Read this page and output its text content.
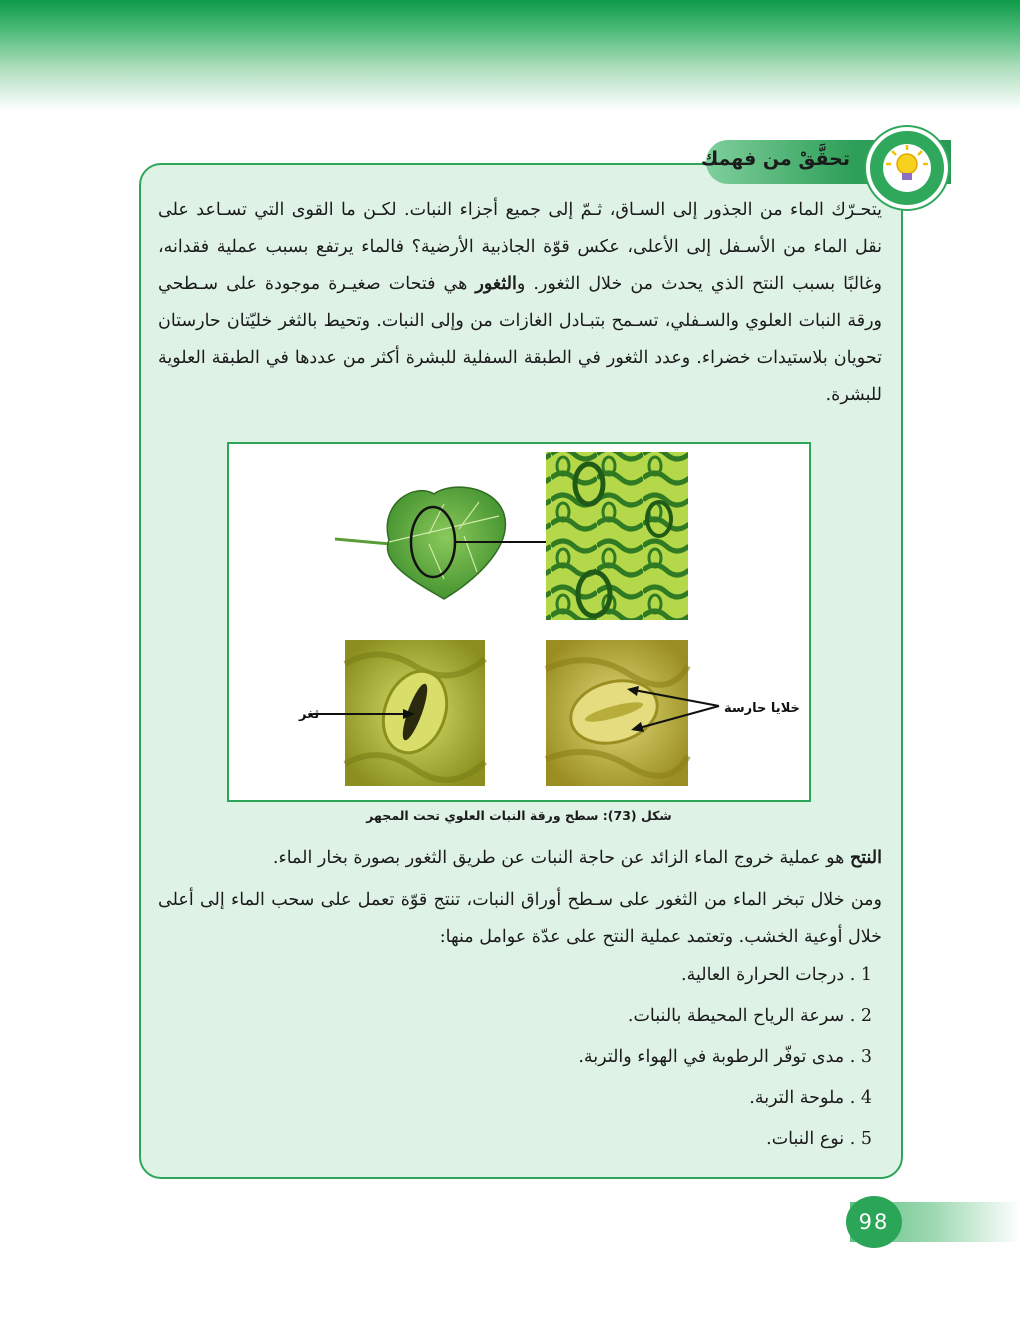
تحقَّقْ من فهمك
يتحـرّك الماء من الجذور إلى السـاق، ثـمّ إلى جميع أجزاء النبات. لكـن ما القوى التي تسـاعد على نقل الماء من الأسـفل إلى الأعلى، عكس قوّة الجاذبية الأرضية؟ فالماء يرتفع بسبب عملية فقدانه، وغالبًا بسبب النتح الذي يحدث من خلال الثغور. والثغور هي فتحات صغيـرة موجودة على سـطحي ورقة النبات العلوي والسـفلي، تسـمح بتبـادل الغازات من وإلى النبات. وتحيط بالثغر خليّتان حارستان تحويان بلاستيدات خضراء. وعدد الثغور في الطبقة السفلية للبشرة أكثر من عددها في الطبقة العلوية للبشرة.
ثغر	خلايا حارسة
شكل (73): سطح ورقة النبات العلوي تحت المجهر
النتح هو عملية خروج الماء الزائد عن حاجة النبات عن طريق الثغور بصورة بخار الماء.
ومن خلال تبخر الماء من الثغور على سـطح أوراق النبات، تنتج قوّة تعمل على سحب الماء إلى أعلى خلال أوعية الخشب. وتعتمد عملية النتح على عدّة عوامل منها:
1 . درجات الحرارة العالية.
2 . سرعة الرياح المحيطة بالنبات.
3 . مدى توفّر الرطوبة في الهواء والتربة.
4 . ملوحة التربة.
5 . نوع النبات.
98
